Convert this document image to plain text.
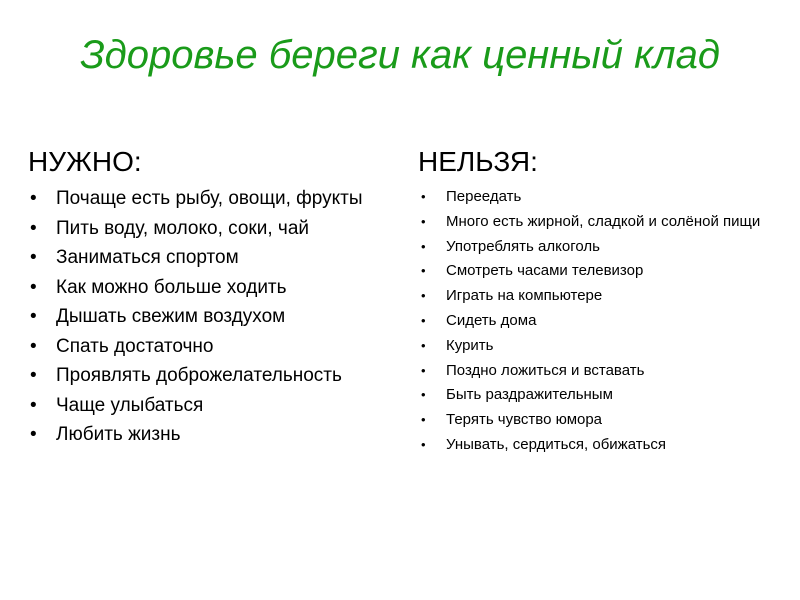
Здоровье береги как ценный клад
НУЖНО:
• Почаще есть рыбу, овощи, фрукты
• Пить воду, молоко, соки, чай
• Заниматься спортом
• Как можно больше ходить
• Дышать свежим воздухом
• Спать достаточно
• Проявлять доброжелательность
• Чаще улыбаться
• Любить жизнь
НЕЛЬЗЯ:
• Переедать
• Много есть жирной, сладкой и солёной пищи
• Употреблять алкоголь
• Смотреть часами телевизор
• Играть на компьютере
• Сидеть дома
• Курить
• Поздно ложиться и вставать
• Быть раздражительным
• Терять чувство юмора
• Унывать, сердиться, обижаться
